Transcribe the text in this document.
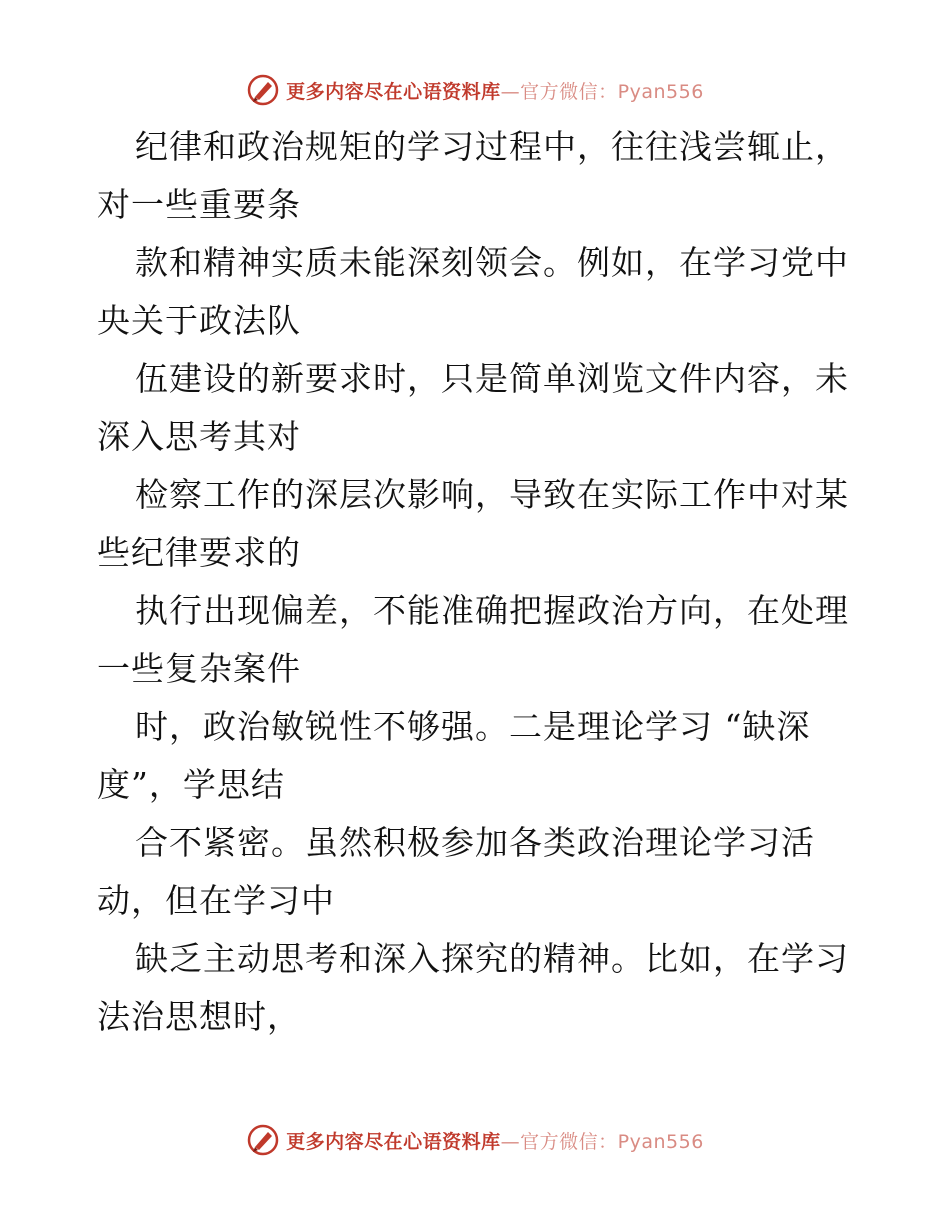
更多内容尽在心语资料库—官方微信：Pyan556
纪律和政治规矩的学习过程中，往往浅尝辄止，
对一些重要条
款和精神实质未能深刻领会。例如，在学习党中
央关于政法队
伍建设的新要求时，只是简单浏览文件内容，未
深入思考其对
检察工作的深层次影响，导致在实际工作中对某
些纪律要求的
执行出现偏差，不能准确把握政治方向，在处理
一些复杂案件
时，政治敏锐性不够强。二是理论学习 “缺深
度”，学思结
合不紧密。虽然积极参加各类政治理论学习活
动，但在学习中
缺乏主动思考和深入探究的精神。比如，在学习
法治思想时，
更多内容尽在心语资料库—官方微信：Pyan556
